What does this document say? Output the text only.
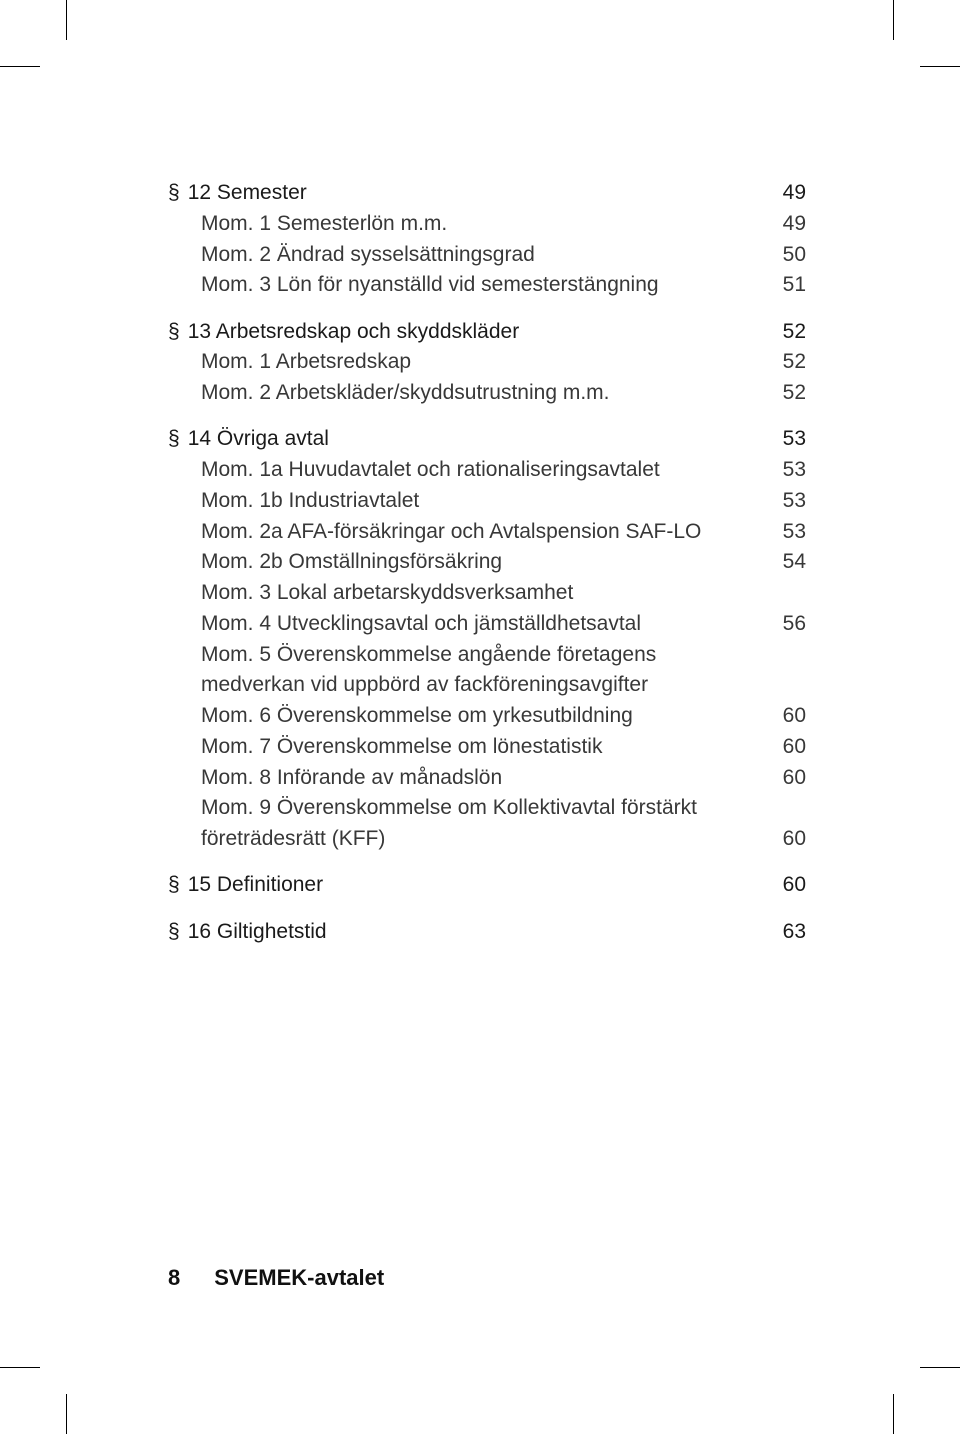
§ 12 Semester	49
Mom. 1 Semesterlön m.m.	49
Mom. 2 Ändrad sysselsättningsgrad	50
Mom. 3 Lön för nyanställd vid semesterstängning	51
§ 13 Arbetsredskap och skyddskläder	52
Mom. 1 Arbetsredskap	52
Mom. 2 Arbetskläder/skyddsutrustning m.m.	52
§ 14 Övriga avtal	53
Mom. 1a Huvudavtalet och rationaliseringsavtalet	53
Mom. 1b Industriavtalet	53
Mom. 2a AFA-försäkringar och Avtalspension SAF-LO	53
Mom. 2b Omställningsförsäkring	54
Mom. 3 Lokal arbetarskyddsverksamhet
Mom. 4 Utvecklingsavtal och jämställdhetsavtal	56
Mom. 5 Överenskommelse angående företagens
medverkan vid uppbörd av fackföreningsavgifter
Mom. 6 Överenskommelse om yrkesutbildning	60
Mom. 7 Överenskommelse om lönestatistik	60
Mom. 8 Införande av månadslön	60
Mom. 9 Överenskommelse om Kollektivavtal förstärkt
företrädesrätt (KFF)	60
§ 15 Definitioner	60
§ 16 Giltighetstid	63
8 SVEMEK-avtalet
